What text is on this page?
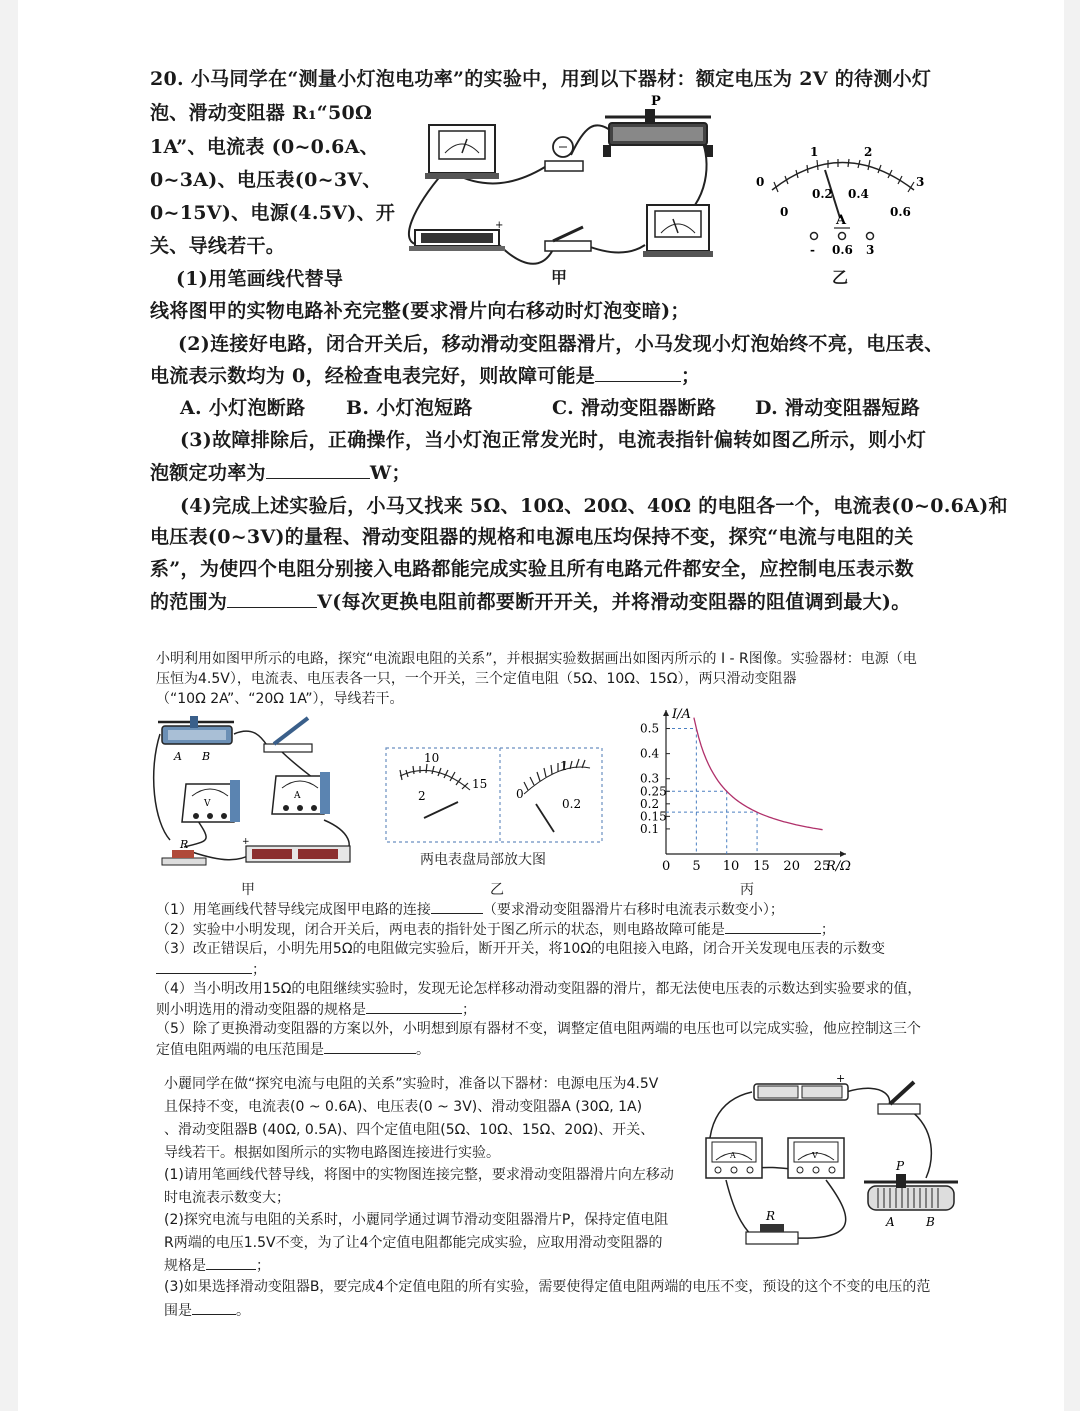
20. 小马同学在“测量小灯泡电功率”的实验中，用到以下器材：额定电压为 2V 的待测小灯
泡、滑动变阻器 R₁“50Ω
1A”、电流表 (0~0.6A、
0~3A)、电压表(0~3V、
0~15V)、电源(4.5V)、开
关、导线若干。
(1)用笔画线代替导
线将图甲的实物电路补充完整(要求滑片向右移动时灯泡变暗)；
(2)连接好电路，闭合开关后，移动滑动变阻器滑片，小马发现小灯泡始终不亮，电压表、
电流表示数均为 0，经检查电表完好，则故障可能是	；
A. 小灯泡断路 B. 小灯泡短路	C. 滑动变阻器断路 D. 滑动变阻器短路
(3)故障排除后，正确操作，当小灯泡正常发光时，电流表指针偏转如图乙所示，则小灯
泡额定功率为	W；
(4)完成上述实验后，小马又找来 5Ω、10Ω、20Ω、40Ω 的电阻各一个，电流表(0~0.6A)和
电压表(0~3V)的量程、滑动变阻器的规格和电源电压均保持不变，探究“电流与电阻的关
系”，为使四个电阻分别接入电路都能完成实验且所有电路元件都安全，应控制电压表示数
的范围为	V(每次更换电阻前都要断开开关，并将滑动变阻器的阻值调到最大)。
P
+
甲
1	2
0	3
0.2 0.4
0	0.6
A
- 0.6 3
乙
小明利用如图甲所示的电路，探究“电流跟电阻的关系”，并根据实验数据画出如图丙所示的 I - R图像。实验器材：电源（电
压恒为4.5V），电流表、电压表各一只，一个开关，三个定值电阻（5Ω、10Ω、15Ω），两只滑动变阻器
（“10Ω 2A”、“20Ω 1A”），导线若干。
A B
V
A
R	+
甲
10
15
2
1
0
0.2
两电表盘局部放大图
乙
0 5 10 15 20 25
0.5
0.4
0.3
0.25
0.2
0.15
0.1
R/Ω
I/A
丙
（1）用笔画线代替导线完成图甲电路的连接	（要求滑动变阻器滑片右移时电流表示数变小）；
（2）实验中小明发现，闭合开关后，两电表的指针处于图乙所示的状态，则电路故障可能是	；
（3）改正错误后，小明先用5Ω的电阻做完实验后，断开开关，将10Ω的电阻接入电路，闭合开关发现电压表的示数变
；
（4）当小明改用15Ω的电阻继续实验时，发现无论怎样移动滑动变阻器的滑片，都无法使电压表的示数达到实验要求的值，
则小明选用的滑动变阻器的规格是	；
（5）除了更换滑动变阻器的方案以外，小明想到原有器材不变，调整定值电阻两端的电压也可以完成实验，他应控制这三个
定值电阻两端的电压范围是	。
小麗同学在做“探究电流与电阻的关系”实验时，准备以下器材：电源电压为4.5V
且保持不变，电流表(0 ~ 0.6A)、电压表(0 ~ 3V)、滑动变阻器A (30Ω, 1A)
、滑动变阻器B (40Ω, 0.5A)、四个定值电阻(5Ω、10Ω、15Ω、20Ω)、开关、
导线若干。根据如图所示的实物电路图连接进行实验。
(1)请用笔画线代替导线，将图中的实物图连接完整，要求滑动变阻器滑片向左移动
时电流表示数变大；
(2)探究电流与电阻的关系时，小麗同学通过调节滑动变阻器滑片P，保持定值电阻
R两端的电压1.5V不变，为了让4个定值电阻都能完成实验，应取用滑动变阻器的
规格是	；
(3)如果选择滑动变阻器B，要完成4个定值电阻的所有实验，需要使得定值电阻两端的电压不变，预设的这个不变的电压的范
围是	。
+
A	V
R
P
A	B
